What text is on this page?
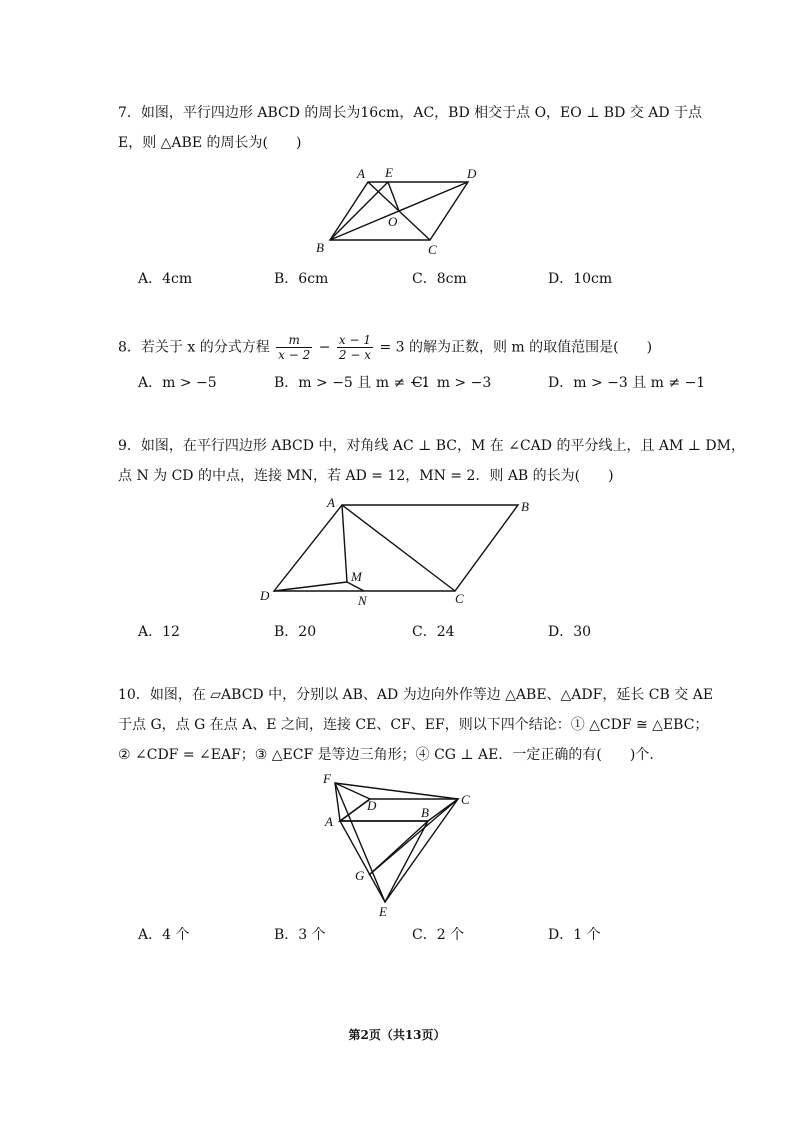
7．如图，平行四边形 ABCD 的周长为16cm，AC，BD 相交于点 O，EO ⊥ BD 交 AD 于点
E，则 △ABE 的周长为(　　)
A E	D
O
B	C
A．4cm	B．6cm	C．8cm	D．10cm
8．若关于 x 的分式方程 $\frac{m}{x - 2} - \frac{x - 1}{2 - x} = 3$ 的解为正数，则 m 的取值范围是(　　)
A．m > −5	B．m > −5 且 m ≠ −1
C．m > −3	D．m > −3 且 m ≠ −1
9．如图，在平行四边形 ABCD 中，对角线 AC ⊥ BC，M 在 ∠CAD 的平分线上，且 AM ⊥ DM，
点 N 为 CD 的中点，连接 MN，若 AD = 12，MN = 2．则 AB 的长为(　　)
A	B
M
D	N	C
A．12	B．20	C．24	D．30
10．如图，在 ▱ABCD 中，分别以 AB、AD 为边向外作等边 △ABE、△ADF，延长 CB 交 AE
于点 G，点 G 在点 A、E 之间，连接 CE、CF、EF，则以下四个结论：① △CDF ≅ △EBC；
② ∠CDF = ∠EAF；③ △ECF 是等边三角形；④ CG ⊥ AE．一定正确的有(　　)个．
F
D	C
A
B
G
E
A．4 个	B．3 个	C．2 个	D．1 个
第2页（共13页）
